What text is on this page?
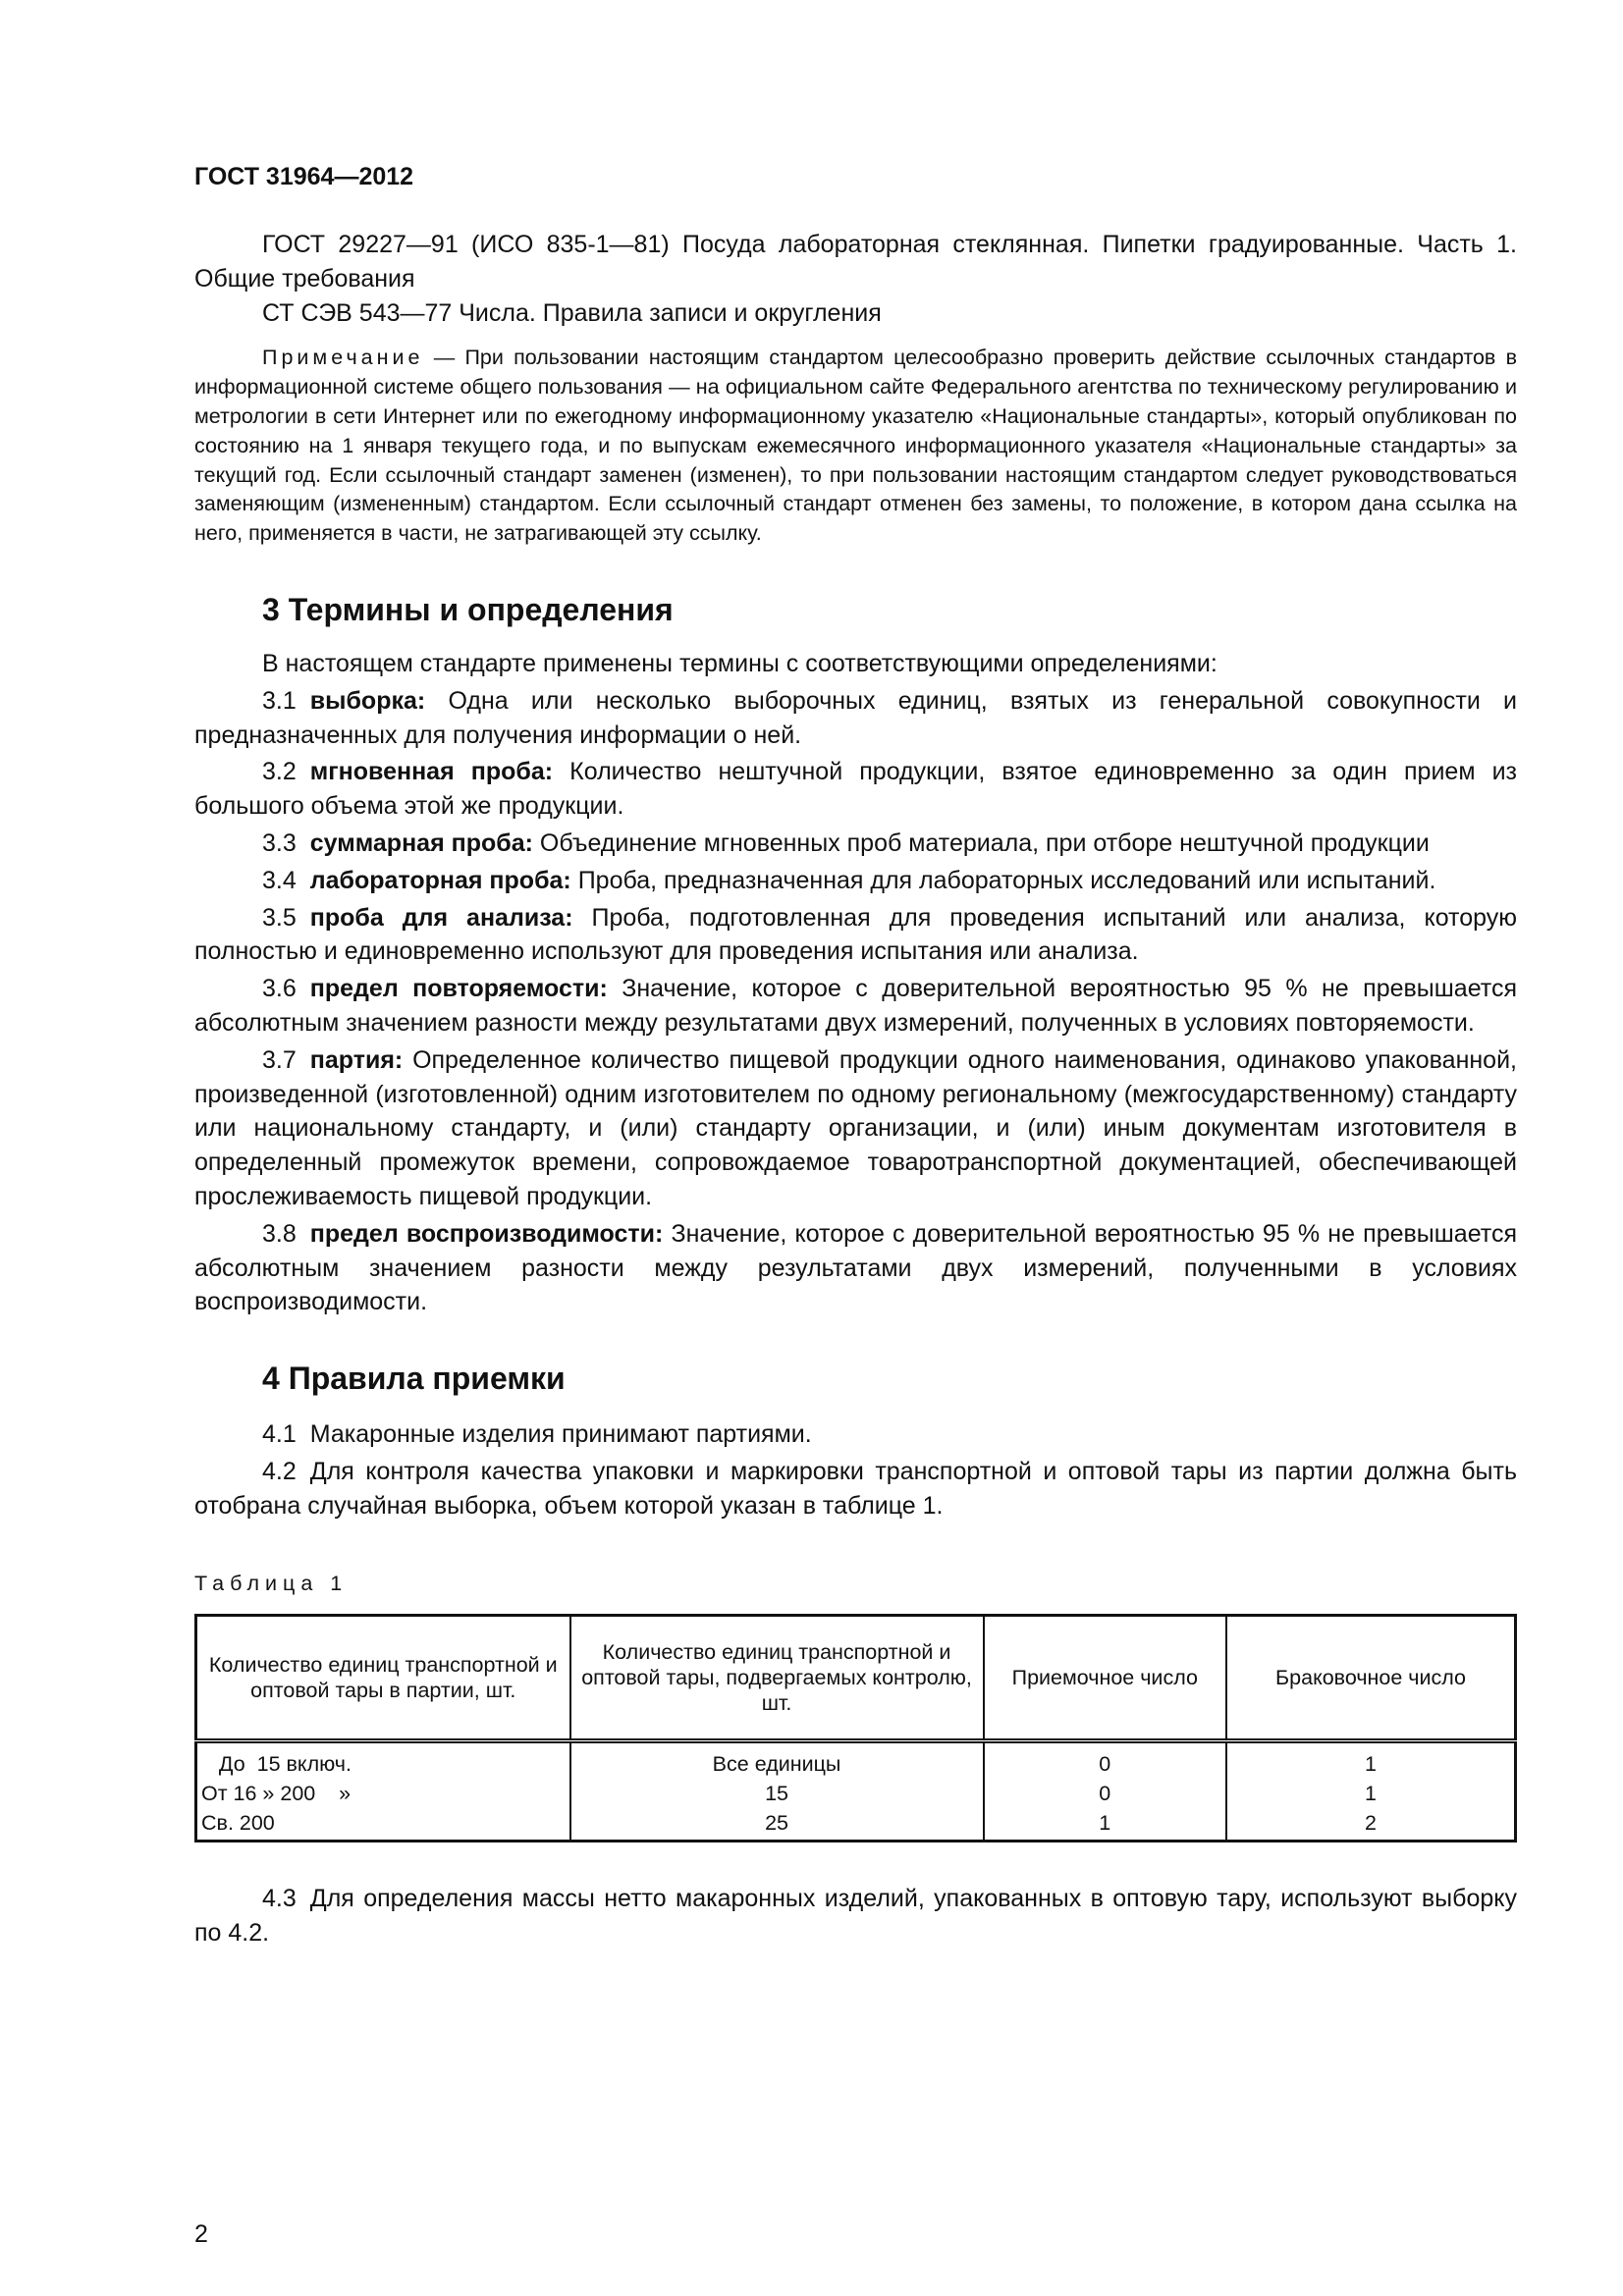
ГОСТ 31964—2012

ГОСТ 29227—91 (ИСО 835-1—81) Посуда лабораторная стеклянная. Пипетки градуированные. Часть 1. Общие требования

СТ СЭВ 543—77 Числа. Правила записи и округления

Примечание — При пользовании настоящим стандартом целесообразно проверить действие ссылочных стандартов в информационной системе общего пользования — на официальном сайте Федерального агентства по техническому регулированию и метрологии в сети Интернет или по ежегодному информационному указателю «Национальные стандарты», который опубликован по состоянию на 1 января текущего года, и по выпускам ежемесячного информационного указателя «Национальные стандарты» за текущий год. Если ссылочный стандарт заменен (изменен), то при пользовании настоящим стандартом следует руководствоваться заменяющим (измененным) стандартом. Если ссылочный стандарт отменен без замены, то положение, в котором дана ссылка на него, применяется в части, не затрагивающей эту ссылку.

3 Термины и определения

В настоящем стандарте применены термины с соответствующими определениями:

3.1 выборка: Одна или несколько выборочных единиц, взятых из генеральной совокупности и предназначенных для получения информации о ней.

3.2 мгновенная проба: Количество нештучной продукции, взятое единовременно за один прием из большого объема этой же продукции.

3.3 суммарная проба: Объединение мгновенных проб материала, при отборе нештучной продукции

3.4 лабораторная проба: Проба, предназначенная для лабораторных исследований или испытаний.

3.5 проба для анализа: Проба, подготовленная для проведения испытаний или анализа, которую полностью и единовременно используют для проведения испытания или анализа.

3.6 предел повторяемости: Значение, которое с доверительной вероятностью 95 % не превышается абсолютным значением разности между результатами двух измерений, полученных в условиях повторяемости.

3.7 партия: Определенное количество пищевой продукции одного наименования, одинаково упакованной, произведенной (изготовленной) одним изготовителем по одному региональному (межгосударственному) стандарту или национальному стандарту, и (или) стандарту организации, и (или) иным документам изготовителя в определенный промежуток времени, сопровождаемое товаротранспортной документацией, обеспечивающей прослеживаемость пищевой продукции.

3.8 предел воспроизводимости: Значение, которое с доверительной вероятностью 95 % не превышается абсолютным значением разности между результатами двух измерений, полученными в условиях воспроизводимости.

4 Правила приемки

4.1 Макаронные изделия принимают партиями.

4.2 Для контроля качества упаковки и маркировки транспортной и оптовой тары из партии должна быть отобрана случайная выборка, объем которой указан в таблице 1.

Таблица 1

Количество единиц транспортной и оптовой тары в партии, шт.	Количество единиц транспортной и оптовой тары, подвергаемых контролю, шт.	Приемочное число	Браковочное число
До  15 включ.	Все единицы	0	1
От 16 » 200    »	15	0	1
Св. 200	25	1	2

4.3 Для определения массы нетто макаронных изделий, упакованных в оптовую тару, используют выборку по 4.2.

2
